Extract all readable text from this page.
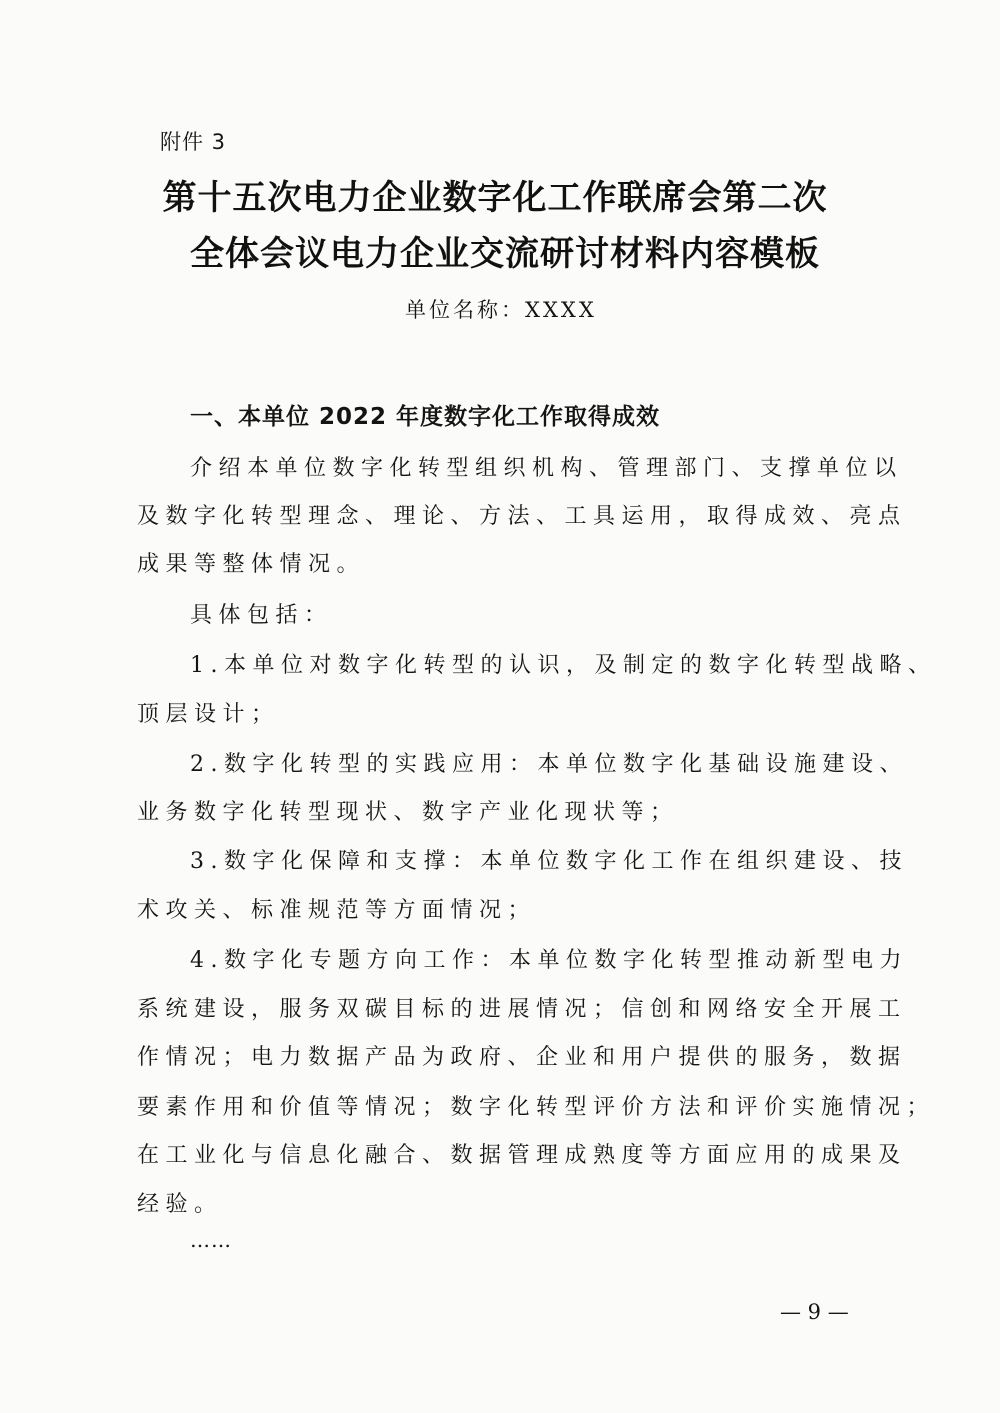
附件 3
第十五次电力企业数字化工作联席会第二次
全体会议电力企业交流研讨材料内容模板
单位名称：XXXX
一、本单位 2022 年度数字化工作取得成效
介绍本单位数字化转型组织机构、管理部门、支撑单位以
及数字化转型理念、理论、方法、工具运用，取得成效、亮点
成果等整体情况。
具体包括：
1.本单位对数字化转型的认识，及制定的数字化转型战略、
顶层设计；
2.数字化转型的实践应用：本单位数字化基础设施建设、
业务数字化转型现状、数字产业化现状等；
3.数字化保障和支撑：本单位数字化工作在组织建设、技
术攻关、标准规范等方面情况；
4.数字化专题方向工作：本单位数字化转型推动新型电力
系统建设，服务双碳目标的进展情况；信创和网络安全开展工
作情况；电力数据产品为政府、企业和用户提供的服务，数据
要素作用和价值等情况；数字化转型评价方法和评价实施情况；
在工业化与信息化融合、数据管理成熟度等方面应用的成果及
经验。
……
— 9 —
